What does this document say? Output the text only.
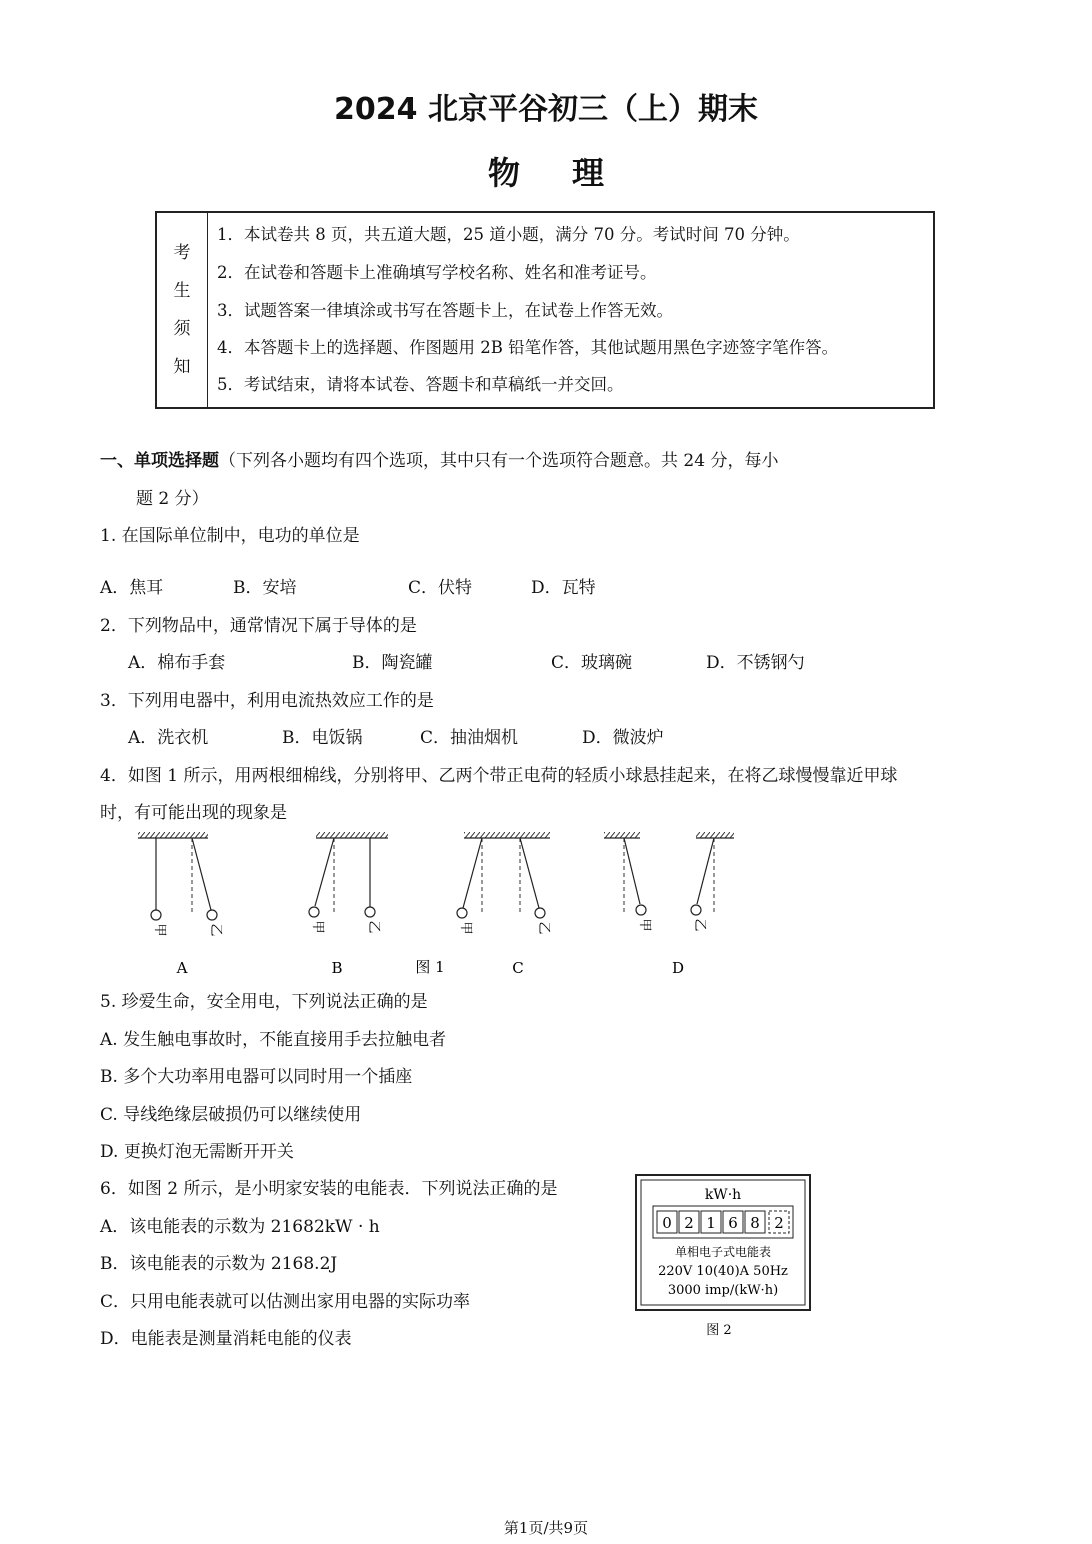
2024 北京平谷初三（上）期末
物理
考
生
须
知
1．本试卷共 8 页，共五道大题，25 道小题，满分 70 分。考试时间 70 分钟。
2．在试卷和答题卡上准确填写学校名称、姓名和准考证号。
3．试题答案一律填涂或书写在答题卡上，在试卷上作答无效。
4．本答题卡上的选择题、作图题用 2B 铅笔作答，其他试题用黑色字迹签字笔作答。
5．考试结束，请将本试卷、答题卡和草稿纸一并交回。
一、单项选择题（下列各小题均有四个选项，其中只有一个选项符合题意。共 24 分，每小
题 2 分）
1. 在国际单位制中，电功的单位是
A．焦耳	B．安培	C．伏特	D．瓦特
2．下列物品中，通常情况下属于导体的是
A．棉布手套	B．陶瓷罐	C．玻璃碗	D．不锈钢勺
3．下列用电器中，利用电流热效应工作的是
A．洗衣机	B．电饭锅	C．抽油烟机	D．微波炉
4．如图 1 所示，用两根细棉线，分别将甲、乙两个带正电荷的轻质小球悬挂起来，在将乙球慢慢靠近甲球
时，有可能出现的现象是
甲	乙
A
甲	乙
B	图 1
甲	乙
C
甲	乙
D
5. 珍爱生命，安全用电，下列说法正确的是
A. 发生触电事故时，不能直接用手去拉触电者
B. 多个大功率用电器可以同时用一个插座
C. 导线绝缘层破损仍可以继续使用
D. 更换灯泡无需断开开关
6．如图 2 所示，是小明家安装的电能表．下列说法正确的是
A．该电能表的示数为 21682kW · h
B．该电能表的示数为 2168.2J
C．只用电能表就可以估测出家用电器的实际功率
D．电能表是测量消耗电能的仪表
kW·h
0 2 1 6 8 2
单相电子式电能表
220V 10(40)A 50Hz
3000 imp/(kW·h)
图 2
第1页/共9页
